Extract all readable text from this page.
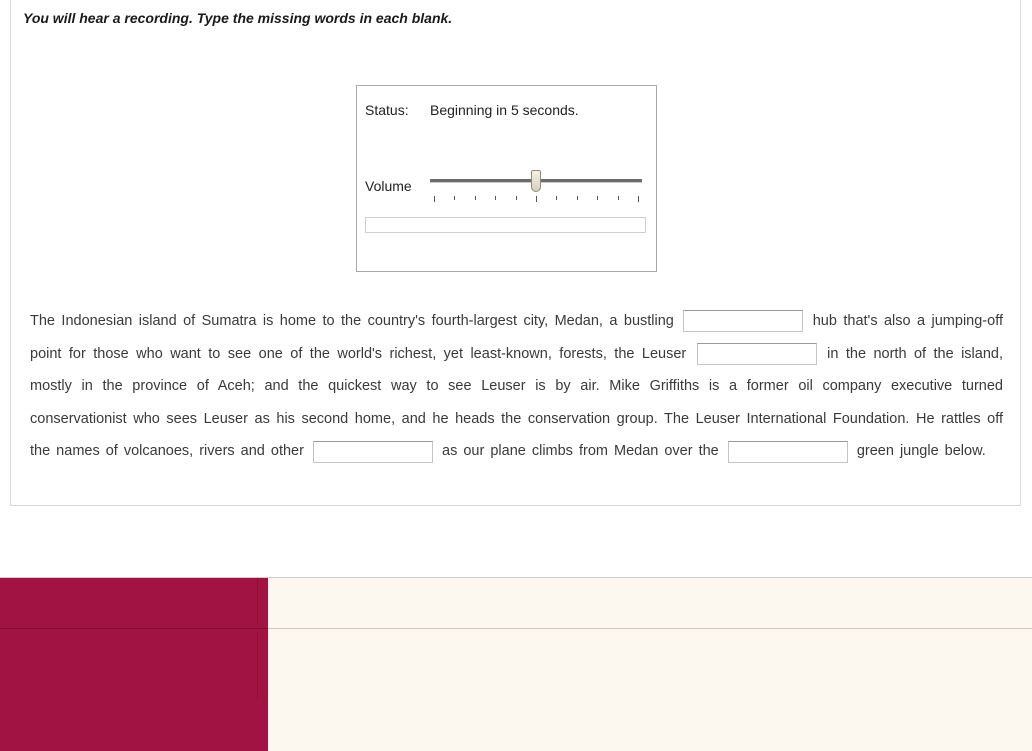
You will hear a recording. Type the missing words in each blank.
Status: Beginning in 5 seconds.
Volume
The Indonesian island of Sumatra is home to the country's fourth-largest city, Medan, a bustling	hub that's also a jumping-off point for those who want to see one of the world's richest, yet least-known, forests, the Leuser	in the north of the island, mostly in the province of Aceh; and the quickest way to see Leuser is by air. Mike Griffiths is a former oil company executive turned conservationist who sees Leuser as his second home, and he heads the conservation group. The Leuser International Foundation. He rattles off the names of volcanoes, rivers and other	as our plane climbs from Medan over the	green jungle below.
